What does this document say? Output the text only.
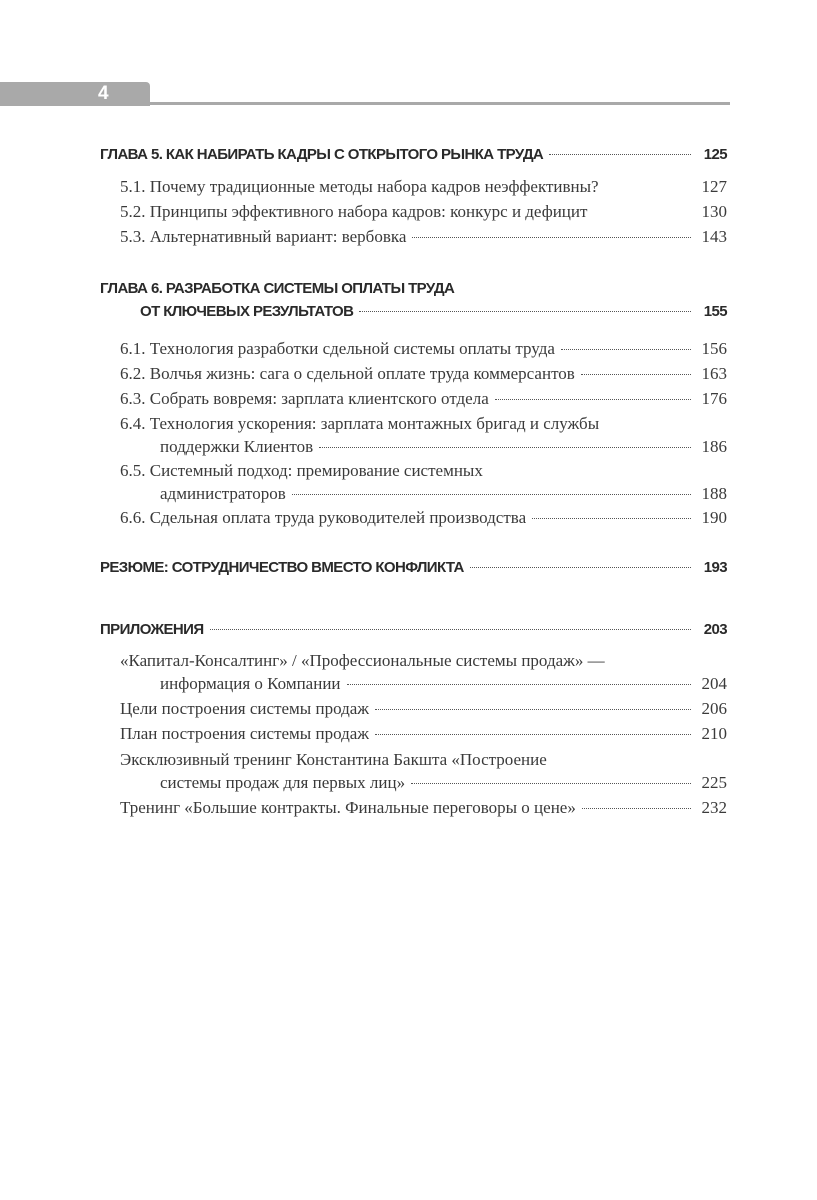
4
ГЛАВА 5. КАК НАБИРАТЬ КАДРЫ С ОТКРЫТОГО РЫНКА ТРУДА	125
5.1. Почему традиционные методы набора кадров неэффективны?	127
5.2. Принципы эффективного набора кадров: конкурс и дефицит	130
5.3. Альтернативный вариант: вербовка	143
ГЛАВА 6. РАЗРАБОТКА СИСТЕМЫ ОПЛАТЫ ТРУДА
ОТ КЛЮЧЕВЫХ РЕЗУЛЬТАТОВ	155
6.1. Технология разработки сдельной системы оплаты труда	156
6.2. Волчья жизнь: сага о сдельной оплате труда коммерсантов	163
6.3. Собрать вовремя: зарплата клиентского отдела	176
6.4. Технология ускорения: зарплата монтажных бригад и службы
поддержки Клиентов	186
6.5. Системный подход: премирование системных
администраторов	188
6.6. Сдельная оплата труда руководителей производства	190
РЕЗЮМЕ: СОТРУДНИЧЕСТВО ВМЕСТО КОНФЛИКТА	193
ПРИЛОЖЕНИЯ	203
«Капитал-Консалтинг» / «Профессиональные системы продаж» —
информация о Компании	204
Цели построения системы продаж	206
План построения системы продаж	210
Эксклюзивный тренинг Константина Бакшта «Построение
системы продаж для первых лиц»	225
Тренинг «Большие контракты. Финальные переговоры о цене»	232
